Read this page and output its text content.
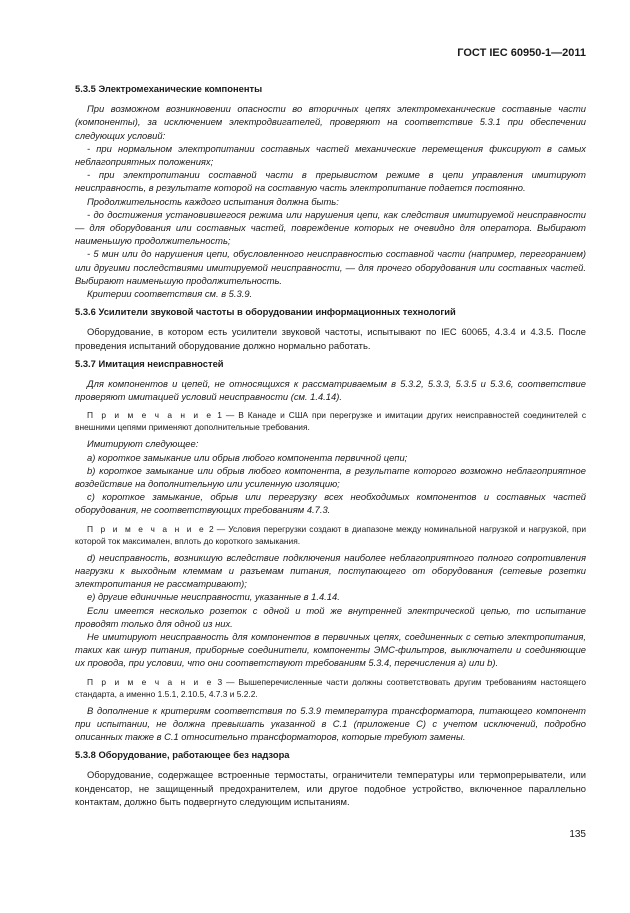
ГОСТ IEC 60950-1—2011

5.3.5 Электромеханические компоненты

При возможном возникновении опасности во вторичных цепях электромеханические составные части (компоненты), за исключением электродвигателей, проверяют на соответствие 5.3.1 при обеспечении следующих условий:

- при нормальном электропитании составных частей механические перемещения фиксируют в самых неблагоприятных положениях;

- при электропитании составной части в прерывистом режиме в цепи управления имитируют неисправность, в результате которой на составную часть электропитание подается постоянно.

Продолжительность каждого испытания должна быть:

- до достижения установившегося режима или нарушения цепи, как следствия имитируемой неисправности — для оборудования или составных частей, повреждение которых не очевидно для оператора. Выбирают наименьшую продолжительность;

- 5 мин или до нарушения цепи, обусловленного неисправностью составной части (например, перегоранием) или другими последствиями имитируемой неисправности, — для прочего оборудования или составных частей. Выбирают наименьшую продолжительность.

Критерии соответствия см. в 5.3.9.

5.3.6 Усилители звуковой частоты в оборудовании информационных технологий

Оборудование, в котором есть усилители звуковой частоты, испытывают по IEC 60065, 4.3.4 и 4.3.5. После проведения испытаний оборудование должно нормально работать.

5.3.7 Имитация неисправностей

Для компонентов и цепей, не относящихся к рассматриваемым в 5.3.2, 5.3.3, 5.3.5 и 5.3.6, соответствие проверяют имитацией условий неисправности (см. 1.4.14).

П р и м е ч а н и е 1 — В Канаде и США при перегрузке и имитации других неисправностей соединителей с внешними цепями применяют дополнительные требования.

Имитируют следующее:

а) короткое замыкание или обрыв любого компонента первичной цепи;

b) короткое замыкание или обрыв любого компонента, в результате которого возможно неблагоприятное воздействие на дополнительную или усиленную изоляцию;

с) короткое замыкание, обрыв или перегрузку всех необходимых компонентов и составных частей оборудования, не соответствующих требованиям 4.7.3.

П р и м е ч а н и е 2 — Условия перегрузки создают в диапазоне между номинальной нагрузкой и нагрузкой, при которой ток максимален, вплоть до короткого замыкания.

d) неисправность, возникшую вследствие подключения наиболее неблагоприятного полного сопротивления нагрузки к выходным клеммам и разъемам питания, поступающего от оборудования (сетевые розетки электропитания не рассматривают);

е) другие единичные неисправности, указанные в 1.4.14.

Если имеется несколько розеток с одной и той же внутренней электрической цепью, то испытание проводят только для одной из них.

Не имитируют неисправность для компонентов в первичных цепях, соединенных с сетью электропитания, таких как шнур питания, приборные соединители, компоненты ЭМС-фильтров, выключатели и соединяющие их провода, при условии, что они соответствуют требованиям 5.3.4, перечисления а) или b).

П р и м е ч а н и е 3 — Вышеперечисленные части должны соответствовать другим требованиям настоящего стандарта, а именно 1.5.1, 2.10.5, 4.7.3 и 5.2.2.

В дополнение к критериям соответствия по 5.3.9 температура трансформатора, питающего компонент при испытании, не должна превышать указанной в С.1 (приложение С) с учетом исключений, подробно описанных также в С.1 относительно трансформаторов, которые требуют замены.

5.3.8 Оборудование, работающее без надзора

Оборудование, содержащее встроенные термостаты, ограничители температуры или термопрерыватели, или конденсатор, не защищенный предохранителем, или другое подобное устройство, включенное параллельно контактам, должно быть подвергнуто следующим испытаниям.

135
